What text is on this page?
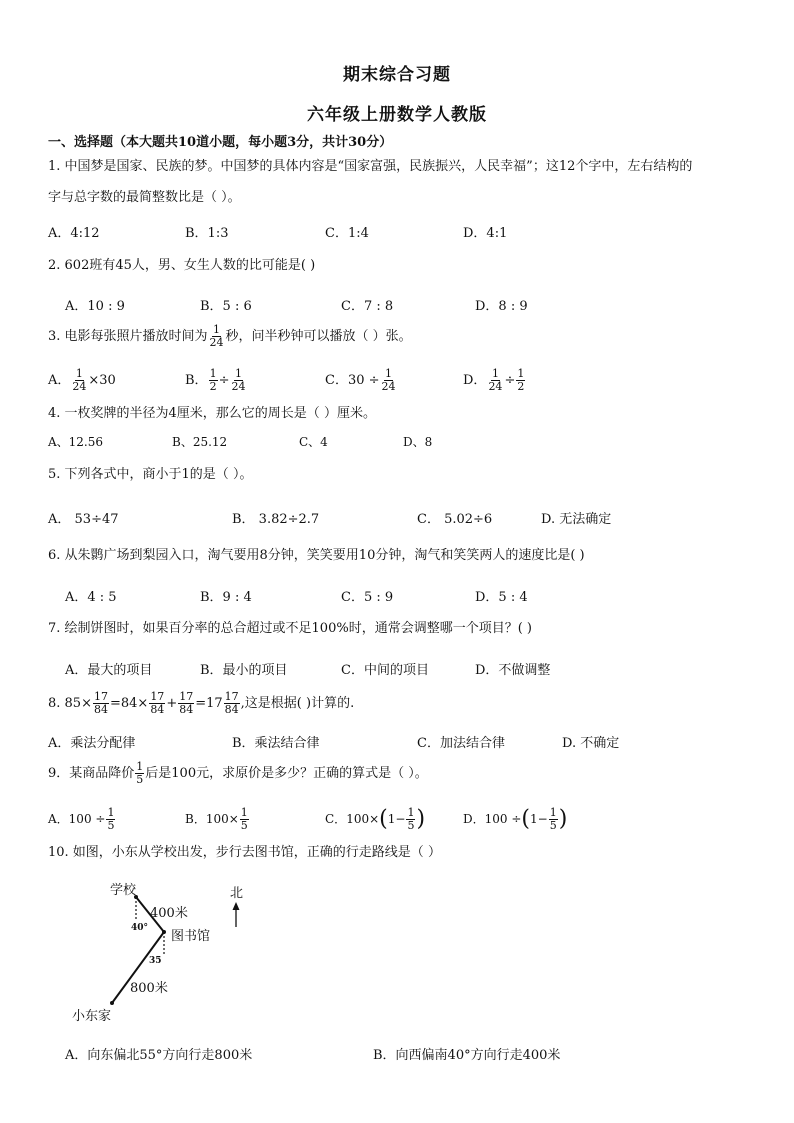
期末综合习题
六年级上册数学人教版
一、选择题（本大题共10道小题，每小题3分，共计30分）
1. 中国梦是国家、民族的梦。中国梦的具体内容是“国家富强，民族振兴，人民幸福”；这12个字中，左右结构的
字与总字数的最简整数比是（ ）。
A．4:12	B．1:3	C．1:4	D．4:1
2. 602班有45人，男、女生人数的比可能是( )
A．10 : 9	B．5 : 6	C．7 : 8	D．8 : 9
3. 电影每张照片播放时间为 $\frac{1}{24}$ 秒，问半秒钟可以播放（ ）张。
A． $\frac{1}{24} \times 30$	B． $\frac{1}{2} \div \frac{1}{24}$	C．$30 \div \frac{1}{24}$	D． $\frac{1}{24} \div \frac{1}{2}$
4. 一枚奖牌的半径为4厘米，那么它的周长是（ ）厘米。
A、12.56	B、25.12	C、4	D、8
5. 下列各式中，商小于1的是（ ）。
A． 53÷47	B． 3.82÷2.7	C． 5.02÷6	D. 无法确定
6. 从朱鹮广场到梨园入口，淘气要用8分钟，笑笑要用10分钟，淘气和笑笑两人的速度比是( )
A．4 : 5	B．9 : 4	C．5 : 9	D．5 : 4
7. 绘制饼图时，如果百分率的总合超过或不足100%时，通常会调整哪一个项目？( )
A．最大的项目	B．最小的项目	C．中间的项目	D．不做调整
8. $85\times \frac{17}{84} =84\times \frac{17}{84} + \frac{17}{84} =17 \frac{17}{84}$ ,这是根据( )计算的.
A．乘法分配律	B．乘法结合律	C．加法结合律	D. 不确定
9．某商品降价 $\frac{1}{5}$ 后是100元，求原价是多少？正确的算式是（ ）。
A．$100 \div \frac{1}{5}$	B．$100\times \frac{1}{5}$	C．$100\times(1- \frac{1}{5}$ )	D．$100 \div(1- \frac{1}{5}$ )
10. 如图，小东从学校出发，步行去图书馆，正确的行走路线是（ ）
学校
40°
400米
图书馆
35
800米
小东家
北
A．向东偏北55°方向行走800米	B．向西偏南40°方向行走400米
